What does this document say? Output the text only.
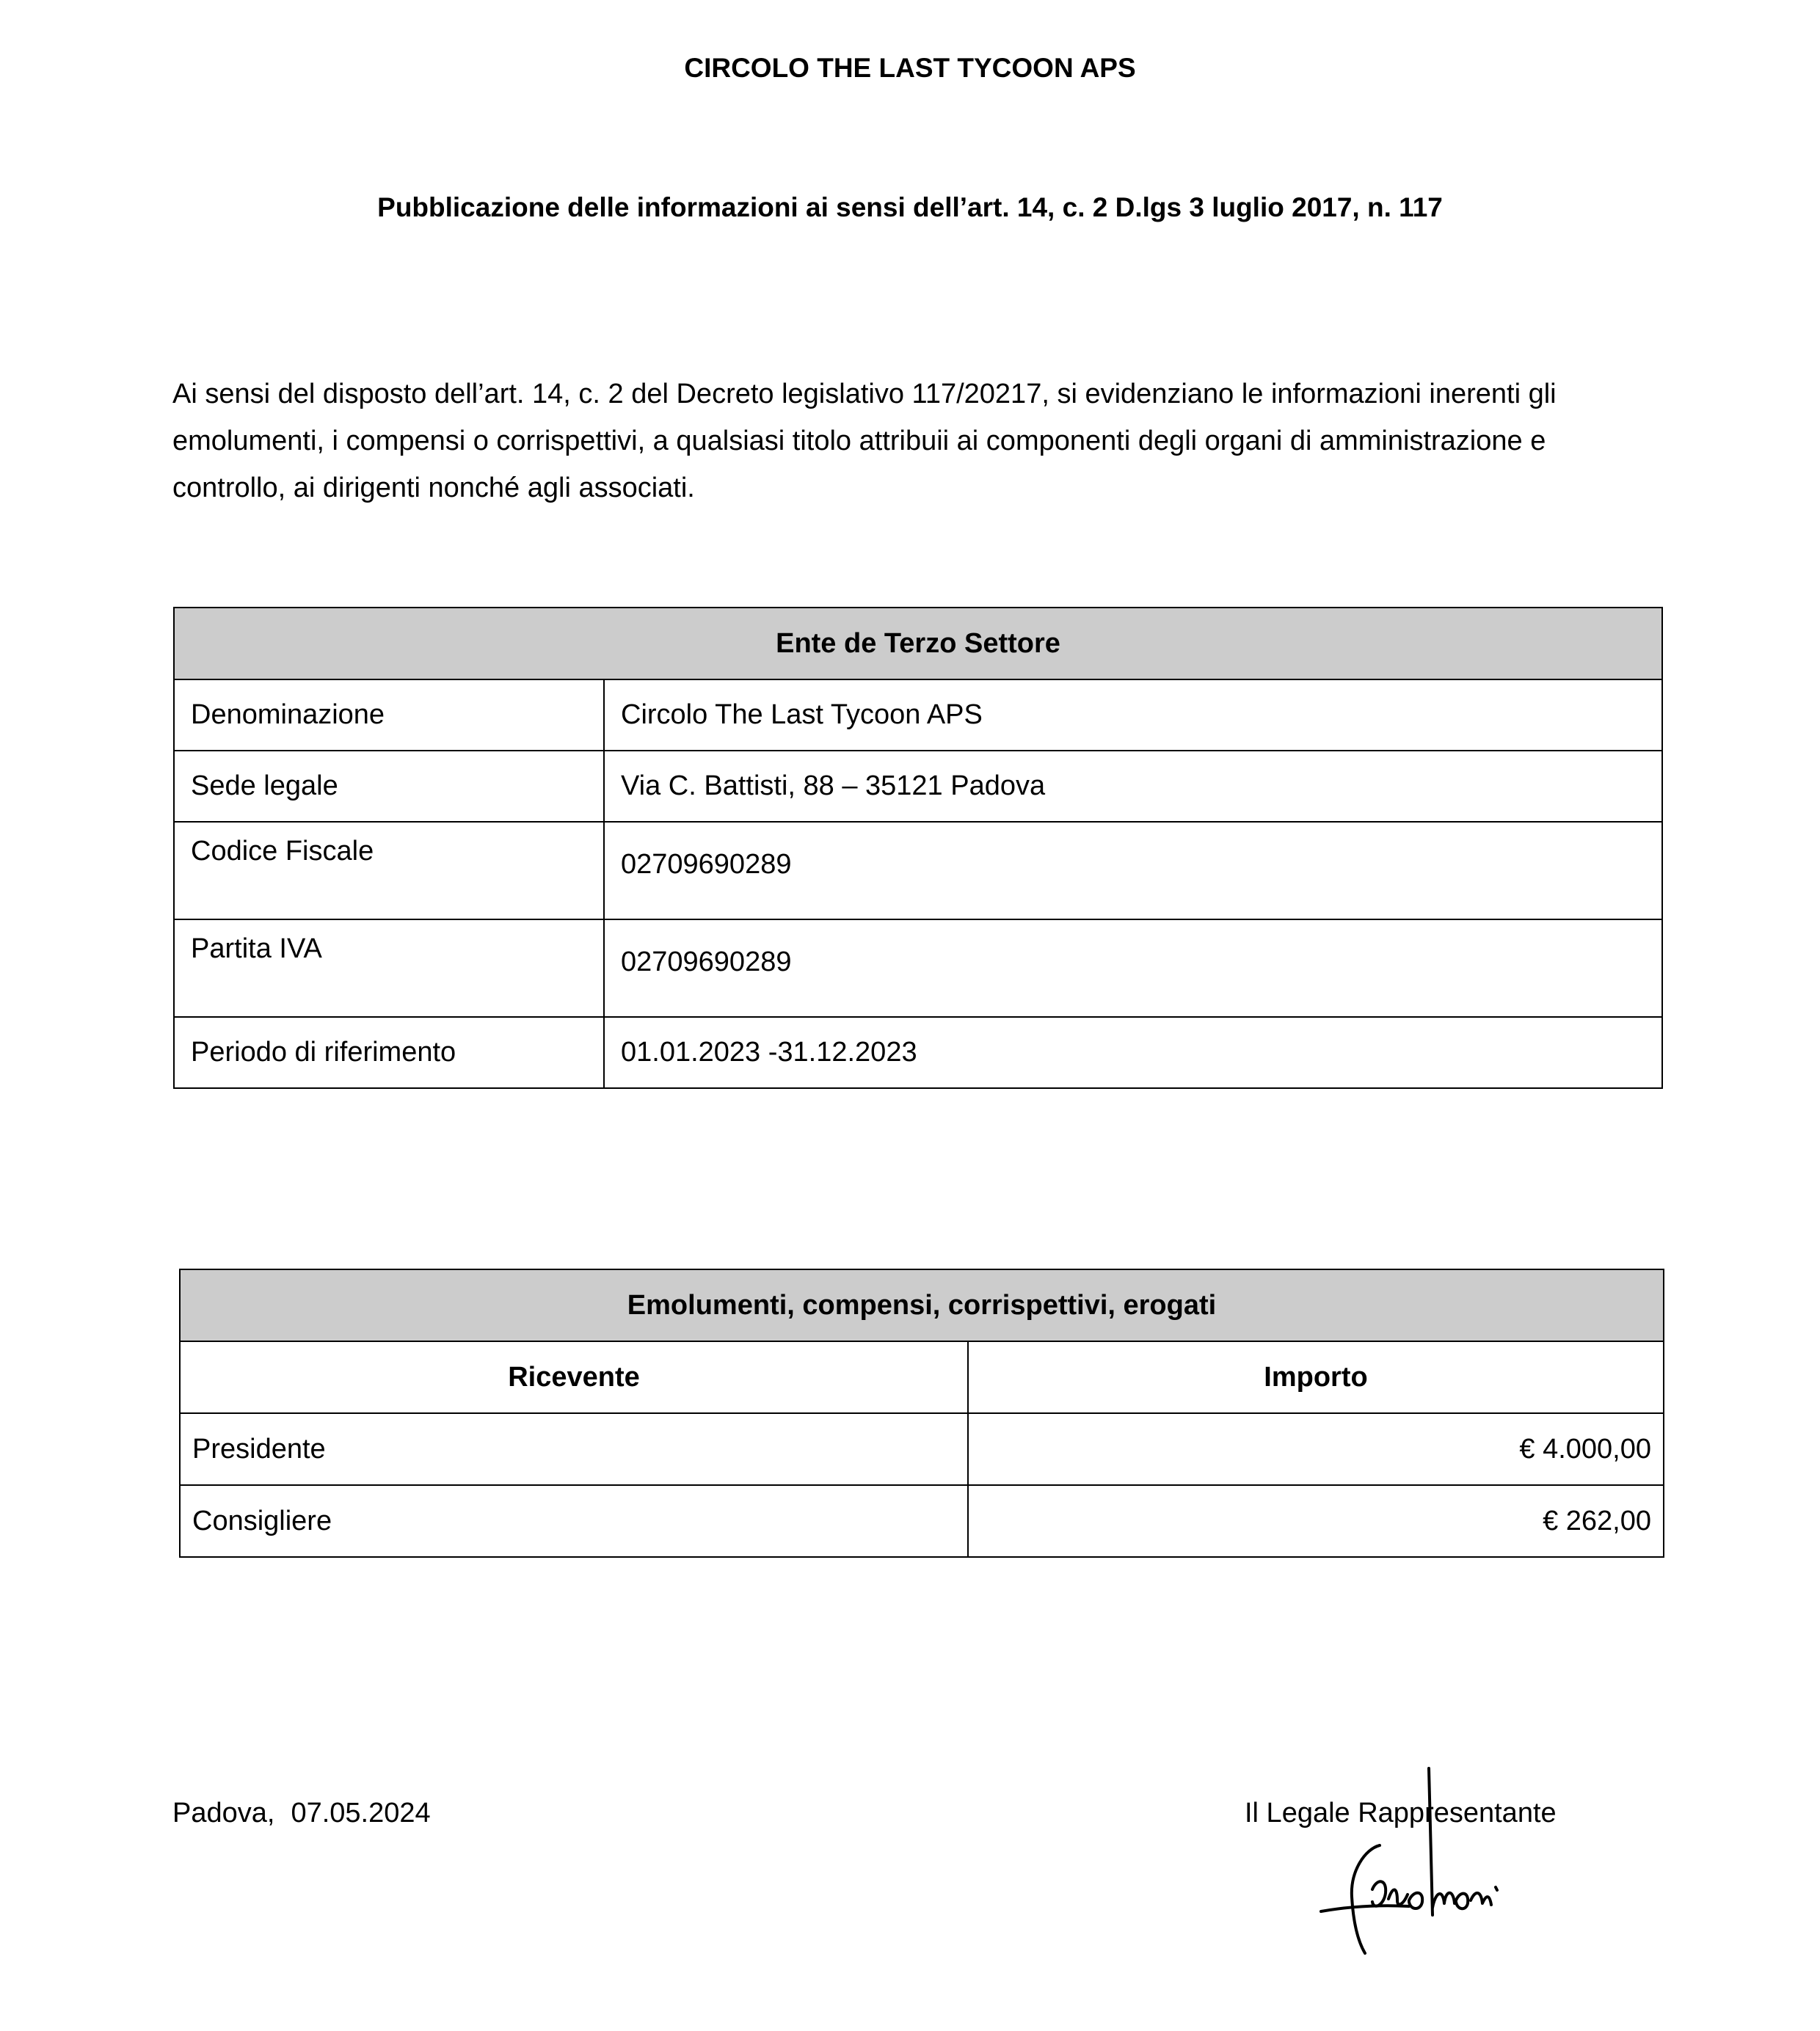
CIRCOLO THE LAST TYCOON APS
Pubblicazione delle informazioni ai sensi dell’art. 14, c. 2 D.lgs 3 luglio 2017, n. 117
Ai sensi del disposto dell’art. 14, c. 2 del Decreto legislativo 117/20217, si evidenziano le informazioni inerenti gli emolumenti, i compensi o corrispettivi, a qualsiasi titolo attribuii ai componenti degli organi di amministrazione e controllo, ai dirigenti nonché agli associati.
Ente de Terzo Settore	
Denominazione	Circolo The Last Tycoon APS
Sede legale	Via C. Battisti, 88 – 35121 Padova
Codice Fiscale	02709690289
Partita IVA	02709690289
Periodo di riferimento	01.01.2023 -31.12.2023
Emolumenti, compensi, corrispettivi, erogati	
Ricevente	Importo
Presidente	€ 4.000,00
Consigliere	€ 262,00
Padova, 07.05.2024	Il Legale Rappresentante
